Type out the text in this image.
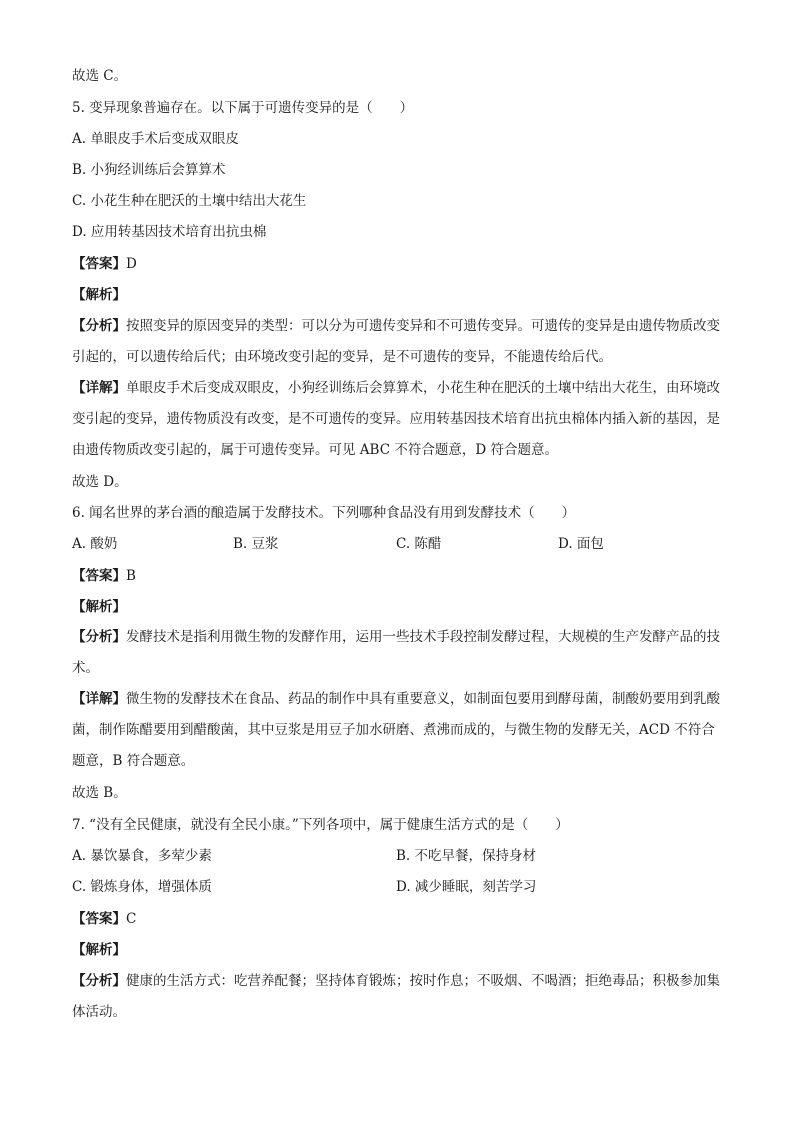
故选 C。
5. 变异现象普遍存在。以下属于可遗传变异的是（　　）
A. 单眼皮手术后变成双眼皮
B. 小狗经训练后会算算术
C. 小花生种在肥沃的土壤中结出大花生
D. 应用转基因技术培育出抗虫棉
【答案】D
【解析】
【分析】按照变异的原因变异的类型：可以分为可遗传变异和不可遗传变异。可遗传的变异是由遗传物质改变引起的，可以遗传给后代；由环境改变引起的变异，是不可遗传的变异，不能遗传给后代。
【详解】单眼皮手术后变成双眼皮，小狗经训练后会算算术，小花生种在肥沃的土壤中结出大花生，由环境改变引起的变异，遗传物质没有改变，是不可遗传的变异。应用转基因技术培育出抗虫棉体内插入新的基因，是由遗传物质改变引起的，属于可遗传变异。可见 ABC 不符合题意，D 符合题意。
故选 D。
6. 闻名世界的茅台酒的酿造属于发酵技术。下列哪种食品没有用到发酵技术（　　）
A. 酸奶	B. 豆浆	C. 陈醋	D. 面包
【答案】B
【解析】
【分析】发酵技术是指利用微生物的发酵作用，运用一些技术手段控制发酵过程，大规模的生产发酵产品的技术。
【详解】微生物的发酵技术在食品、药品的制作中具有重要意义，如制面包要用到酵母菌，制酸奶要用到乳酸菌，制作陈醋要用到醋酸菌，其中豆浆是用豆子加水研磨、煮沸而成的，与微生物的发酵无关，ACD 不符合题意，B 符合题意。
故选 B。
7. “没有全民健康，就没有全民小康。”下列各项中，属于健康生活方式的是（　　）
A. 暴饮暴食，多荤少素	B. 不吃早餐，保持身材
C. 锻炼身体，增强体质	D. 减少睡眠，刻苦学习
【答案】C
【解析】
【分析】健康的生活方式：吃营养配餐；坚持体育锻炼；按时作息；不吸烟、不喝酒；拒绝毒品；积极参加集体活动。
